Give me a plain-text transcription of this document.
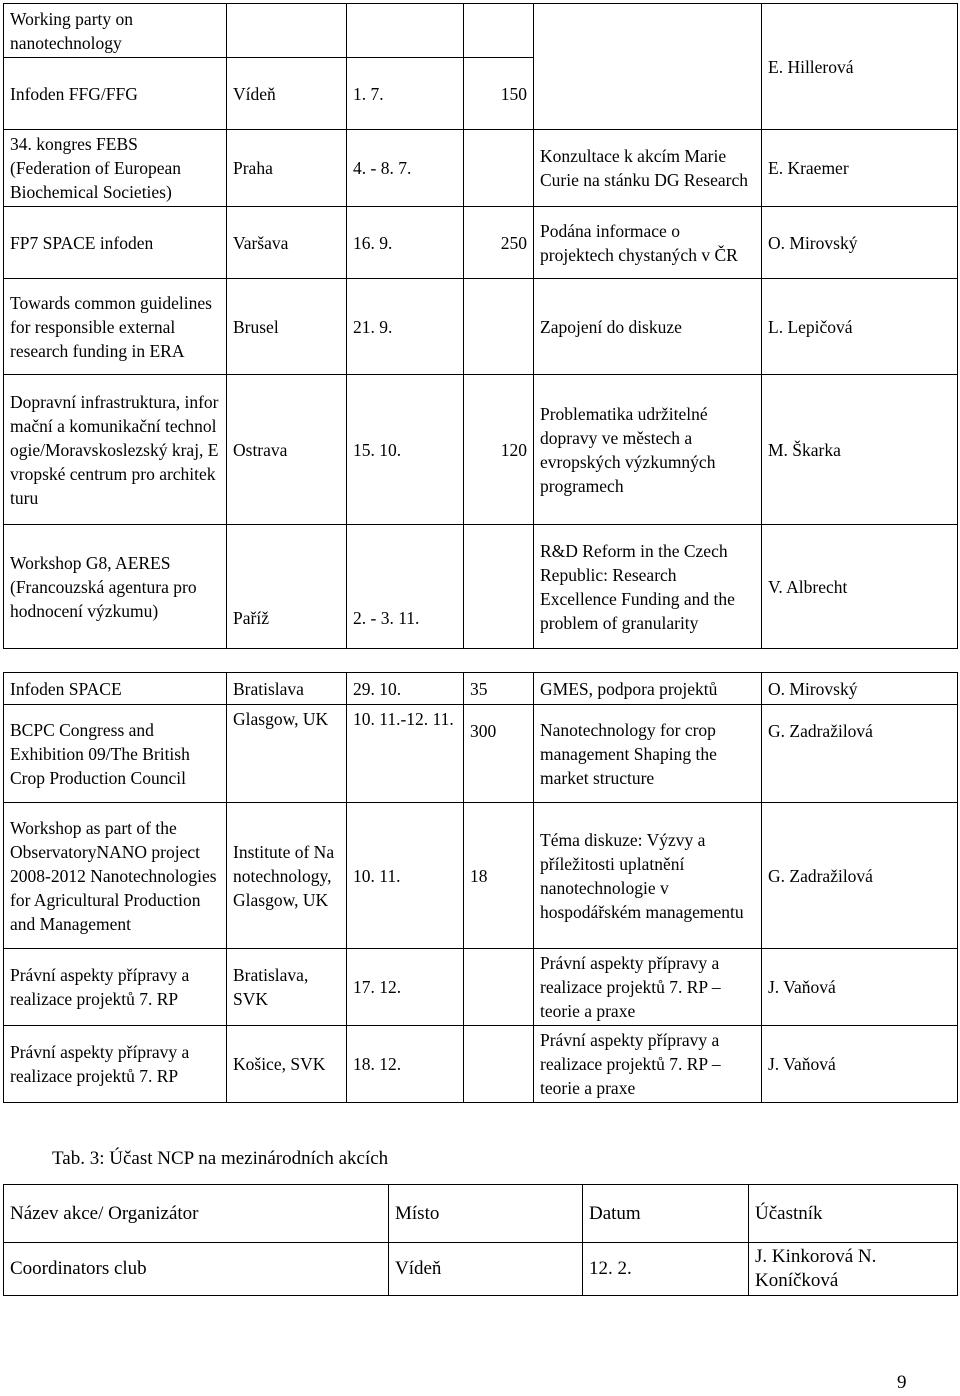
Working party on nanotechnology					E. Hillerová
Infoden FFG/FFG	Vídeň	1. 7.	150		
34. kongres FEBS (Federation of European Biochemical Societies)	Praha	4. - 8. 7.		Konzultace k akcím Marie Curie na stánku DG Research	E. Kraemer
FP7 SPACE infoden	Varšava	16. 9.	250	Podána informace o projektech chystaných v ČR	O. Mirovský
Towards common guidelines for responsible external research funding in ERA	Brusel	21. 9.		Zapojení do diskuze	L. Lepičová
Dopravní infrastruktura, informační a komunikační technologie/Moravskoslezský kraj, Evropské centrum pro architekturu	Ostrava	15. 10.	120	Problematika udržitelné dopravy ve městech a evropských výzkumných programech	M. Škarka
Workshop G8, AERES (Francouzská agentura pro hodnocení výzkumu)	Paříž	2. - 3. 11.		R&D Reform in the Czech Republic: Research Excellence Funding and the problem of granularity	V. Albrecht
Infoden SPACE	Bratislava	29. 10.	35	GMES, podpora projektů	O. Mirovský
BCPC Congress and Exhibition 09/The British Crop Production Council	Glasgow, UK	10. 11.-12. 11.	300	Nanotechnology for crop management Shaping the market structure	G. Zadražilová
Workshop as part of the ObservatoryNANO project 2008-2012 Nanotechnologies for Agricultural Production and Management	Institute of Nanotechnology, Glasgow, UK	10. 11.	18	Téma diskuze: Výzvy a příležitosti uplatnění nanotechnologie v hospodářském managementu	G. Zadražilová
Právní aspekty přípravy a realizace projektů 7. RP	Bratislava, SVK	17. 12.		Právní aspekty přípravy a realizace projektů 7. RP – teorie a praxe	J. Vaňová
Právní aspekty přípravy a realizace projektů 7. RP	Košice, SVK	18. 12.		Právní aspekty přípravy a realizace projektů 7. RP – teorie a praxe	J. Vaňová
Tab. 3: Účast NCP na mezinárodních akcích
Název akce/ Organizátor	Místo	Datum	Účastník
Coordinators club	Vídeň	12. 2.	J. Kinkorová N. Koníčková
9
